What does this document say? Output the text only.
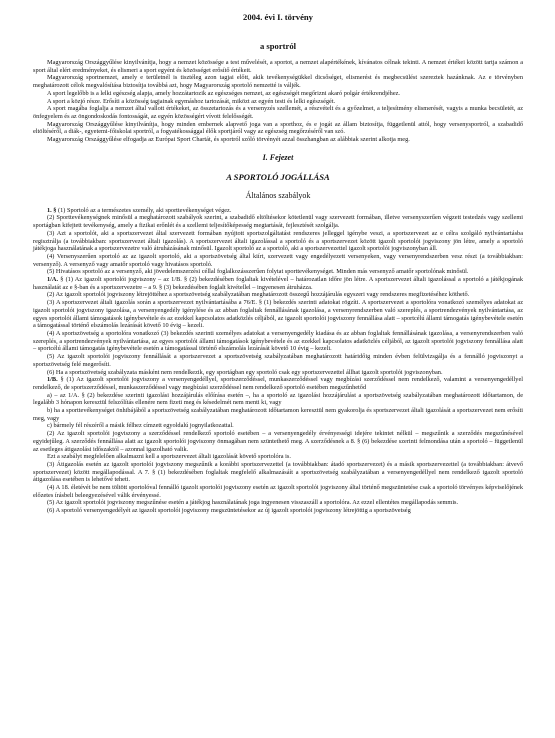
2004. évi I. törvény
a sportról

Magyarország Országgyűlése kinyilvánítja, hogy a nemzet közössége a test művelését, a sportot, a nemzet alapértékének, kívánatos célnak tekinti. A nemzet értékei között tartja számon a sport által elért eredményeket, és elismeri a sport egyént és közösséget erősítő értékeit.

Magyarország sportnemzet, amely e területnél is tisztéleg azon tagjai előtt, akik tevékenységükkel dicsőséget, elismerést és megbecsülést szereztek hazánknak. Az e törvényben meghatározott célok megvalósítása biztosítja továbbá azt, hogy Magyarország sportoló nemzetté is váljék.

A sport legelőbb is a lelki egészség alapja, amely hozzátartozik az egészséges nemzet, az egészségét megőrizni akaró polgár értékrendjéhez.

A sport a közjó része. Erősíti a közösség tagjainak egymáshoz tartozását, miközt az egyén testi és lelki egészségét.

A sport magába foglalja a nemzet által vallott értékeket, az összetartozás és a versenyzés szellemét, a részvételt és a győzelmet, a teljesítmény elismerését, vagyis a munka becsületét, az önfegyelem és az öngondoskodás fontosságát, az egyén közösségért vívott felelősségét.

Magyarország Országgyűlése kinyilvánítja, hogy minden embernek alapvető joga van a sporthoz, és e jogát az állam biztosítja, függetlenül attól, hogy versenysportról, a szabadidő eltöltéséről, a diák-, egyetemi-főiskolai sportról, a fogyatékossággal élők sportjáról vagy az egészség megőrzéséről van szó.

Magyarország Országgyűlése elfogadja az Európai Sport Chartát, és sportról szóló törvényét azzal összhangban az alábbiak szerint alkotja meg.

I. Fejezet
A SPORTOLÓ JOGÁLLÁSA
Általános szabályok

1. § (1) Sportoló az a természetes személy, aki sporttevékenységet végez.

(2) Sporttevékenységnek minősül a meghatározott szabályok szerint, a szabadidő eltöltésekor kötetlenül vagy szervezett formában, illetve versenyszerűen végzett testedzés vagy szellemi sportágban kifejtett tevékenység, amely a fizikai erőnlét és a szellemi teljesítőképesség megtartását, fejlesztését szolgálja.

(3) Azt a sportolót, aki a sportszervezet által szervezett formában nyújtott sportszolgáltatást rendszeres jelleggel igénybe veszi, a sportszervezet az e célra szolgáló nyilvántartásba regisztrálja (a továbbiakban: sportszervezet általi igazolás). A sportszervezet általi igazolással a sportoló és a sportszervezet között igazolt sportolói jogviszony jön létre, amely a sportoló játékjoga használatának a sportszervezetre való átruházásának minősül. Igazolt sportoló az a sportoló, aki a sportszervezettel igazolt sportolói jogviszonyban áll.

(4) Versenyszerűen sportoló az az igazolt sportoló, aki a sportszövetség által kiírt, szervezett vagy engedélyezett versenyeken, vagy versenyrendszerben vesz részt (a továbbiakban: versenyző). A versenyző vagy amatőr sportoló vagy hivatásos sportoló.

(5) Hivatásos sportoló az a versenyző, aki jövedelemszerzési céllal foglalkozásszerűen folytat sporttevékenységet. Minden más versenyző amatőr sportolónak minősül.

1/A. § (1) Az igazolt sportolói jogviszony – az 1/B. § (2) bekezdésében foglaltak kivételével – határozatlan időre jön létre. A sportszervezet általi igazolással a sportoló a játékjogának használatát az e §-ban és a sportszervezetre – a 9. § (3) bekezdésében foglalt kivétellel – ingyenesen átruházza.

(2) Az igazolt sportolói jogviszony létrejöttéhez a sportszövetség szabályzatában meghatározott összegű hozzájárulás egyszeri vagy rendszeres megfizetéséhez köthető.

(3) A sportszervezet általi igazolás során a sportszervezet nyilvántartásába a 76/E. § (1) bekezdés szerinti adatokat rögzíti. A sportszervezet a sportolóra vonatkozó személyes adatokat az igazolt sportolói jogviszony igazolása, a versenyengedély igénylése és az abban foglaltak fennállásának igazolása, a versenyrendszerben való szereplés, a sportrendezvények nyilvántartása, az egyes sportolói állami támogatások igénybevétele és az ezekkel kapcsolatos adatközlés céljából, az igazolt sportolói jogviszony fennállása alatt – sportcélú állami támogatás igénybevétele esetén a támogatással történő elszámolás lezárását követő 10 évig – kezeli.

(4) A sportszövetség a sportolóra vonatkozó (3) bekezdés szerinti személyes adatokat a versenyengedély kiadása és az abban foglaltak fennállásának igazolása, a versenyrendszerben való szereplés, a sportrendezvények nyilvántartása, az egyes sportolói állami támogatások igénybevétele és az ezekkel kapcsolatos adatközlés céljából, az igazolt sportolói jogviszony fennállása alatt – sportcélú állami támogatás igénybevétele esetén a támogatással történő elszámolás lezárását követő 10 évig – kezeli.

(5) Az igazolt sportolói jogviszony fennállását a sportszervezet a sportszövetség szabályzatában meghatározott határidőig minden évben felülvizsgálja és a fennálló jogviszonyt a sportszövetség felé megerősíti.

(6) Ha a sportszövetség szabályzata másként nem rendelkezik, egy sportágban egy sportoló csak egy sportszervezettel állhat igazolt sportolói jogviszonyban.

1/B. § (1) Az igazolt sportolói jogviszony a versenyengedéllyel, sportszerződéssel, munkaszerződéssel vagy megbízási szerződéssel nem rendelkező, valamint a versenyengedéllyel rendelkező, de sportszerződéssel, munkaszerződéssel vagy megbízási szerződéssel nem rendelkező sportoló esetében megszűnhetőd

a) – az 1/A. § (2) bekezdése szerinti igazolási hozzájárulás előírása esetén –, ha a sportoló az igazolási hozzájárulást a sportszövetség szabályzatában meghatározott időtartamon, de legalább 3 hónapon keresztül felszólítás ellenére nem fizeti meg és késedelmét nem menti ki, vagy

b) ha a sporttevékenységet önhibájából a sportszövetség szabályzatában meghatározott időtartamon keresztül nem gyakorolja és sportszervezet általi igazolását a sportszervezet nem erősíti meg, vagy

c) bármely fél részéről a másik félhez címzett egyoldalú jognyilatkozattal.

(2) Az igazolt sportolói jogviszony a szerződéssel rendelkező sportoló esetében – a versenyengedély érvényességi idejére tekintet nélkül – megszűnik a szerződés megszűnésével egyidejűleg. A szerződés fennállása alatt az igazolt sportolói jogviszony önmagában nem szüntethető meg. A szerződésnek a 8. § (6) bekezdése szerinti felmondása után a sportoló – függetlenül az esetleges átigazolási időszaktól – azonnal igazolható valik.

Ezt a szabályt megfelelően alkalmazni kell a sportszervezet általi igazolását követő sportolóra is.

(3) Átigazolás esetén az igazolt sportolói jogviszony megszűnik a korábbi sportszervezettel (a továbbiakban: átadó sportszervezet) és a másik sportszervezettel (a továbbiakban: átvevő sportszervezet) között megállapodással. A 7. § (1) bekezdésében foglaltak megfelelő alkalmazásáít a sportszövetség szabályzatában a versenyengedéllyel nem rendelkező igazolt sportoló átigazolása esetében is lehetővé teheti.

(4) A 18. életévét be nem töltött sportolóval fennálló igazolt sportolói jogviszony esetén az igazolt sportolói jogviszony által történő megszüntetése csak a sportoló törvényes képviselőjének előzetes írásbeli beleegyezésével válik érvényessé.

(5) Az igazolt sportolói jogviszony megszűnése esetén a játékjog használatának joga ingyenesen visszaszáll a sportolóra. Az ezzel ellentétes megállapodás semmis.

(6) A sportoló versenyengedélyét az igazolt sportolói jogviszony megszüntetésekor az új igazolt sportolói jogviszony létrejöttig a sportszövetség
